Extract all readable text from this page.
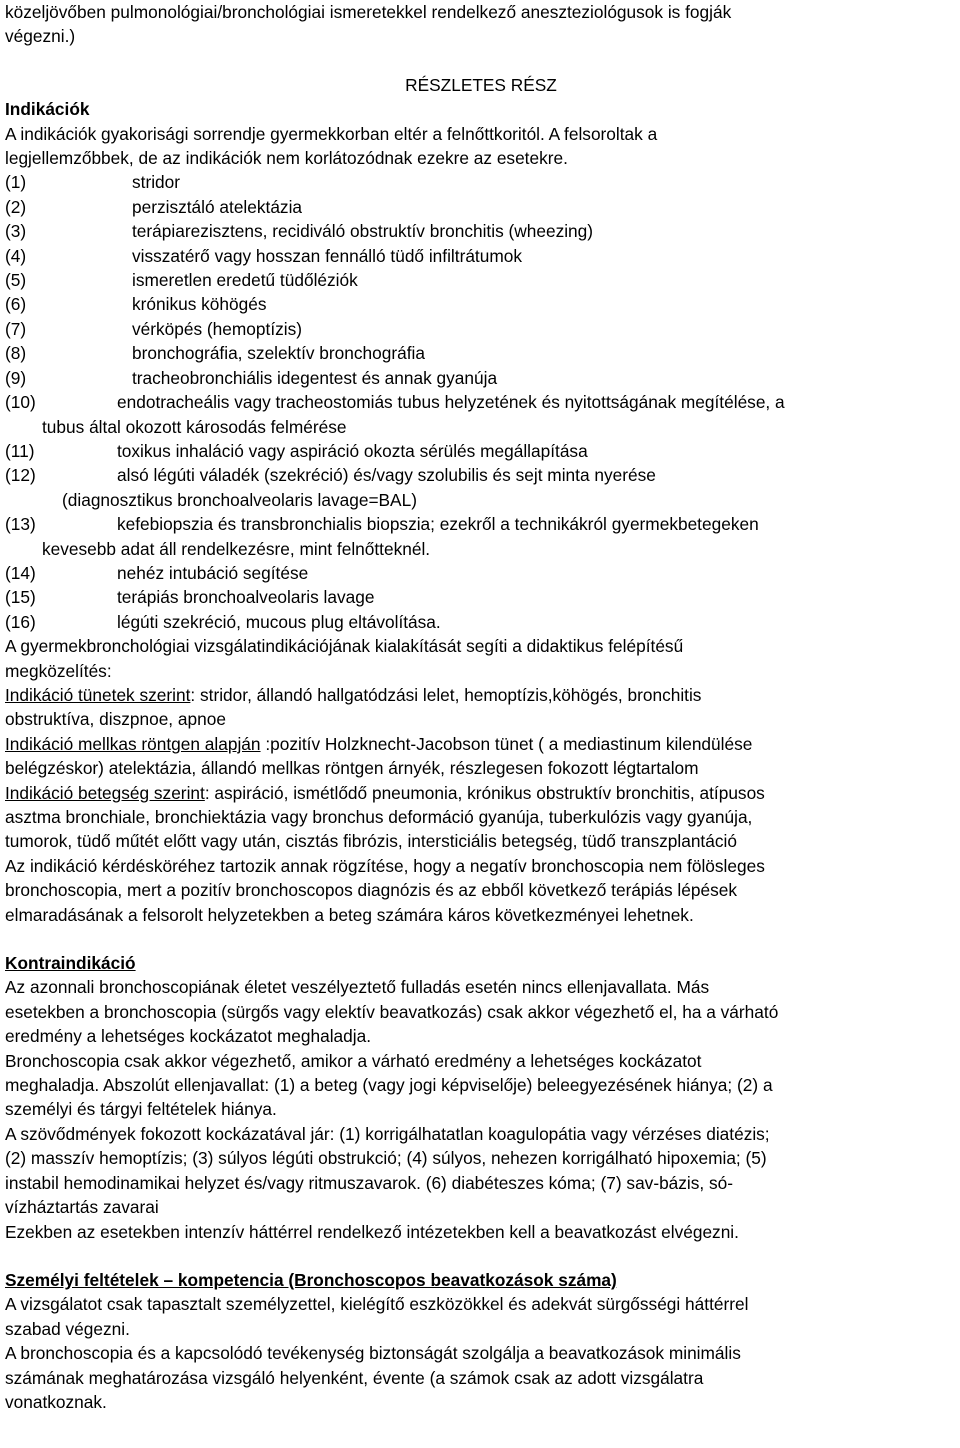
közeljövőben pulmonológiai/bronchológiai ismeretekkel rendelkező aneszteziológusok is fogják

végezni.)

RÉSZLETES RÉSZ

Indikációk

A indikációk gyakorisági sorrendje gyermekkorban eltér a felnőttkoritól. A felsoroltak a

legjellemzőbbek, de az indikációk nem korlátozódnak ezekre az esetekre.

(1)	stridor
(2)	perzisztáló atelektázia
(3)	terápiarezisztens, recidiváló obstruktív bronchitis (wheezing)
(4)	visszatérő vagy hosszan fennálló tüdő infiltrátumok
(5)	ismeretlen eredetű tüdőléziók
(6)	krónikus köhögés
(7)	vérköpés (hemoptízis)
(8)	bronchográfia, szelektív bronchográfia
(9)	tracheobronchiális idegentest és annak gyanúja
(10)	endotracheális vagy tracheostomiás tubus helyzetének és nyitottságának megítélése, a
tubus által okozott károsodás felmérése
(11)	toxikus inhaláció vagy aspiráció okozta sérülés megállapítása
(12)	alsó légúti váladék (szekréció) és/vagy szolubilis és sejt minta nyerése
(diagnosztikus bronchoalveolaris lavage=BAL)
(13)	kefebiopszia és transbronchialis biopszia; ezekről a technikákról gyermekbetegeken
kevesebb adat áll rendelkezésre, mint felnőtteknél.
(14)	nehéz intubáció segítése
(15)	terápiás bronchoalveolaris lavage
(16)	légúti szekréció, mucous plug eltávolítása.

A gyermekbronchológiai vizsgálatindikációjának kialakítását segíti a didaktikus felépítésű

megközelítés:

Indikáció tünetek szerint: stridor, állandó hallgatódzási lelet, hemoptízis,köhögés, bronchitis

obstruktíva, diszpnoe, apnoe

Indikáció mellkas röntgen alapján :pozitív Holzknecht-Jacobson tünet ( a mediastinum kilendülése

belégzéskor) atelektázia, állandó mellkas röntgen árnyék, részlegesen fokozott légtartalom

Indikáció betegség szerint: aspiráció, ismétlődő pneumonia, krónikus obstruktív bronchitis, atípusos

asztma bronchiale, bronchiektázia vagy bronchus deformáció gyanúja, tuberkulózis vagy gyanúja,

tumorok, tüdő műtét előtt vagy után, cisztás fibrózis, intersticiális betegség, tüdő transzplantáció

Az indikáció kérdésköréhez tartozik annak rögzítése, hogy a negatív bronchoscopia nem fölösleges

bronchoscopia, mert a pozitív bronchoscopos diagnózis és az ebből következő terápiás lépések

elmaradásának a felsorolt helyzetekben a beteg számára káros következményei lehetnek.

Kontraindikáció

Az azonnali bronchoscopiának életet veszélyeztető fulladás esetén nincs ellenjavallata. Más

esetekben a bronchoscopia (sürgős vagy elektív beavatkozás) csak akkor végezhető el, ha a várható

eredmény a lehetséges kockázatot meghaladja.

Bronchoscopia csak akkor végezhető, amikor a várható eredmény a lehetséges kockázatot

meghaladja. Abszolút ellenjavallat: (1) a beteg (vagy jogi képviselője) beleegyezésének hiánya; (2) a

személyi és tárgyi feltételek hiánya.

A szövődmények fokozott kockázatával jár: (1) korrigálhatatlan koagulopátia vagy vérzéses diatézis;

(2) masszív hemoptízis; (3) súlyos légúti obstrukció; (4) súlyos, nehezen korrigálható hipoxemia; (5)

instabil hemodinamikai helyzet és/vagy ritmuszavarok. (6) diabéteszes kóma; (7) sav-bázis, só-

vízháztartás zavarai

Ezekben az esetekben intenzív háttérrel rendelkező intézetekben kell a beavatkozást elvégezni.

Személyi feltételek – kompetencia (Bronchoscopos beavatkozások száma)

A vizsgálatot csak tapasztalt személyzettel, kielégítő eszközökkel és adekvát sürgősségi háttérrel

szabad végezni.

A bronchoscopia és a kapcsolódó tevékenység biztonságát szolgálja a beavatkozások minimális

számának meghatározása vizsgáló helyenként, évente (a számok csak az adott vizsgálatra

vonatkoznak.
